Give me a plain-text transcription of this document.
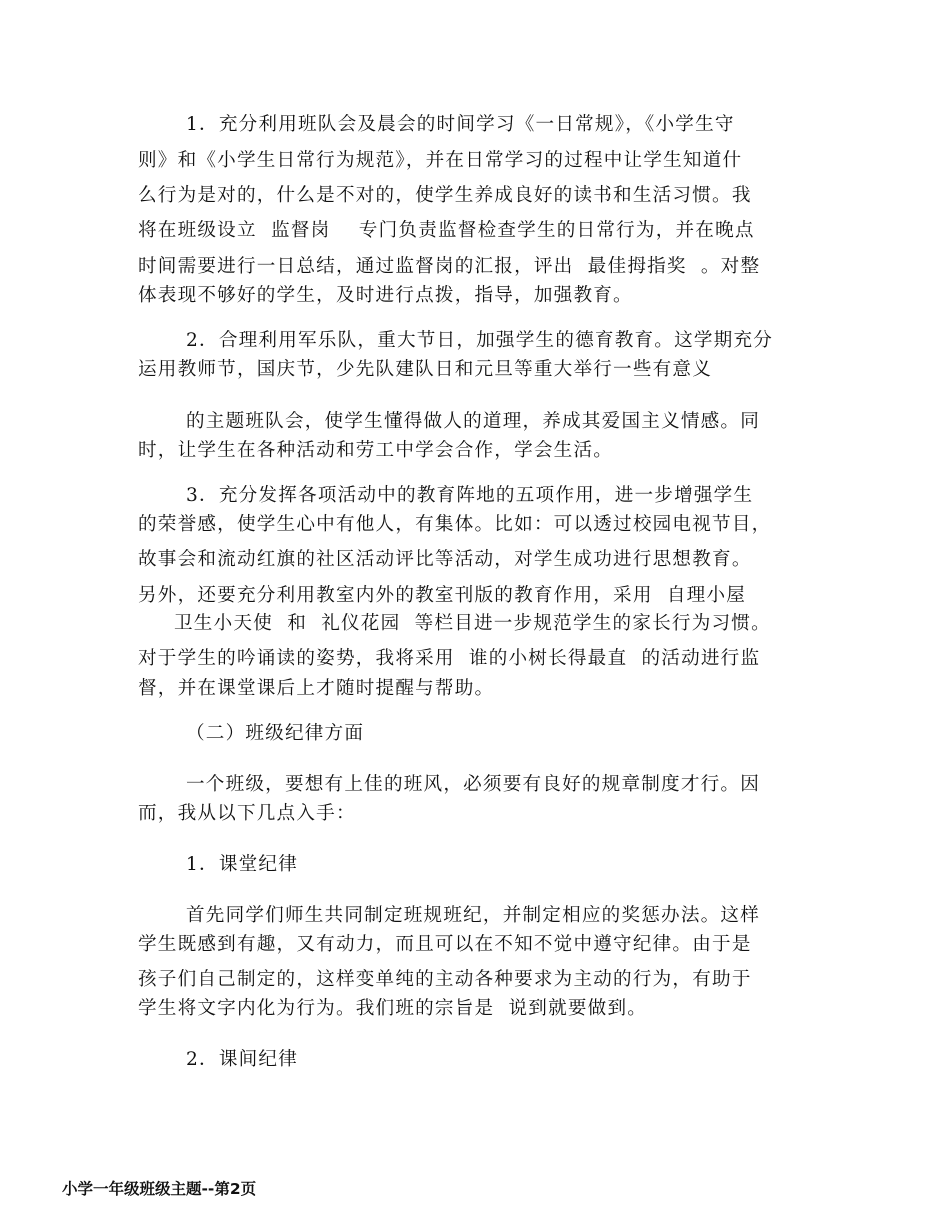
1．充分利用班队会及晨会的时间学习《一日常规》，《小学生守
则》和《小学生日常行为规范》，并在日常学习的过程中让学生知道什
么行为是对的，什么是不对的，使学生养成良好的读书和生活习惯。我
将在班级设立  监督岗    专门负责监督检查学生的日常行为，并在晚点
时间需要进行一日总结，通过监督岗的汇报，评出  最佳拇指奖  。对整
体表现不够好的学生，及时进行点拨，指导，加强教育。
2．合理利用军乐队，重大节日，加强学生的德育教育。这学期充分
运用教师节，国庆节，少先队建队日和元旦等重大举行一些有意义
的主题班队会，使学生懂得做人的道理，养成其爱国主义情感。同
时，让学生在各种活动和劳工中学会合作，学会生活。
3．充分发挥各项活动中的教育阵地的五项作用，进一步增强学生
的荣誉感，使学生心中有他人，有集体。比如：可以透过校园电视节目，
故事会和流动红旗的社区活动评比等活动，对学生成功进行思想教育。
另外，还要充分利用教室内外的教室刊版的教育作用，采用  自理小屋
卫生小天使  和  礼仪花园  等栏目进一步规范学生的家长行为习惯。
对于学生的吟诵读的姿势，我将采用  谁的小树长得最直  的活动进行监
督，并在课堂课后上才随时提醒与帮助。
（二）班级纪律方面
一个班级，要想有上佳的班风，必须要有良好的规章制度才行。因
而，我从以下几点入手：
1．课堂纪律
首先同学们师生共同制定班规班纪，并制定相应的奖惩办法。这样
学生既感到有趣，又有动力，而且可以在不知不觉中遵守纪律。由于是
孩子们自己制定的，这样变单纯的主动各种要求为主动的行为，有助于
学生将文字内化为行为。我们班的宗旨是  说到就要做到。
2．课间纪律
小学一年级班级主题--第2页
